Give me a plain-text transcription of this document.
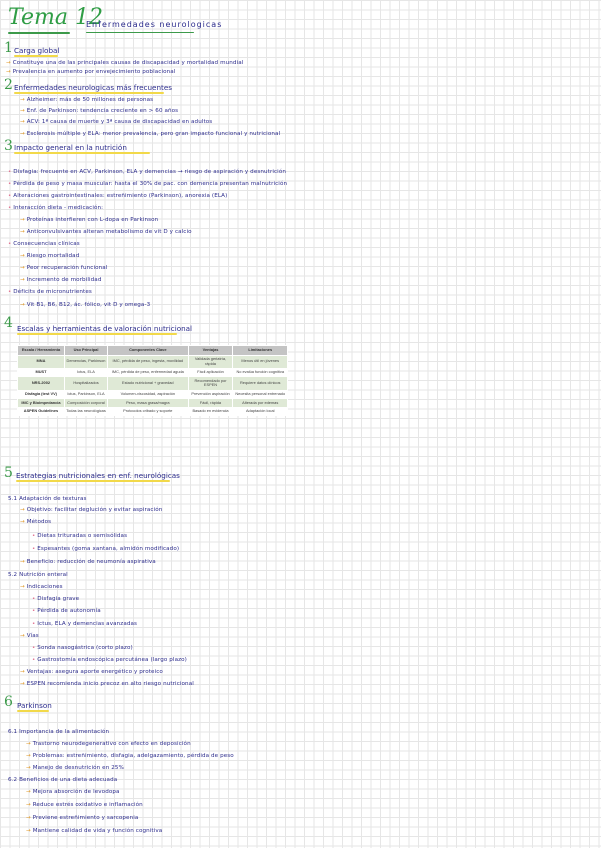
Tema 12
Enfermedades neurologicas
1 Carga global
→ Constituye una de las principales causas de discapacidad y mortalidad mundial
→ Prevalencia en aumento por envejecimiento poblacional
2 Enfermedades neurologicas más frecuentes
→ Alzheimer: más de 50 millones de personas
→ Enf. de Parkinson: tendencia creciente en > 60 años
→ ACV: 1ª causa de muerte y 3ª causa de discapacidad en adultos
→ Esclerosis múltiple y ELA: menor prevalencia, pero gran impacto funcional y nutricional
3 Impacto general en la nutrición
• Disfagia: frecuente en ACV, Parkinson, ELA y demencias → riesgo de aspiración y desnutrición
• Pérdida de peso y masa muscular: hasta el 30% de pac. con demencia presentan malnutrición
• Alteraciones gastrointestinales: estreñimiento (Parkinson), anorexia (ELA)
• Interacción dieta - medicación:
→ Proteínas interfieren con L-dopa en Parkinson
→ Anticonvulsivantes alteran metabolismo de vit D y calcio
• Consecuencias clínicas
→ Riesgo mortalidad
→ Peor recuperación funcional
→ Incremento de morbilidad
• Déficits de micronutrientes
→ Vit B1, B6, B12, ác. fólico, vit D y omega-3
4 Escalas y herramientas de valoración nutricional
Escala / Herramienta	Uso Principal	Componentes Clave	Ventajas	Limitaciones
MNA	Demencias, Parkinson	IMC, pérdida de peso, ingesta, movilidad	Validada geriatría, rápida	Menos útil en jóvenes
MUST	Ictus, ELA	IMC, pérdida de peso, enfermedad aguda	Fácil aplicación	No evalúa función cognitiva
NRS-2002	Hospitalizados	Estado nutricional + gravedad	Recomendado por ESPEN	Requiere datos clínicos
Disfagia (test VV)	Ictus, Parkinson, ELA	Volumen-viscosidad, aspiración	Prevención aspiración	Necesita personal entrenado
IMC y Bioimpedancia	Composición corporal	Peso, masa grasa/magra	Fácil, rápida	Alterada por edemas
ASPEN Guidelines	Todas las neurológicas	Protocolos cribado y soporte	Basado en evidencia	Adaptación local
5 Estrategias nutricionales en enf. neurológicas
5.1 Adaptación de texturas
→ Objetivo: facilitar deglución y evitar aspiración
→ Métodos
• Dietas trituradas o semisólidas
• Espesantes (goma xantana, almidón modificado)
→ Beneficio: reducción de neumonía aspirativa
5.2 Nutrición enteral
→ Indicaciones
• Disfagia grave
• Pérdida de autonomía
• Ictus, ELA y demencias avanzadas
→ Vías
• Sonda nasogástrica (corto plazo)
• Gastrostomía endoscópica percutánea (largo plazo)
→ Ventajas: asegura aporte energético y proteico
→ ESPEN recomienda inicio precoz en alto riesgo nutricional
6 Parkinson
6.1 Importancia de la alimentación
→ Trastorno neurodegenerativo con efecto en deposición
→ Problemas: estreñimiento, disfagia, adelgazamiento, pérdida de peso
→ Manejo de desnutrición en 25%
6.2 Beneficios de una dieta adecuada
→ Mejora absorción de levodopa
→ Reduce estrés oxidativo e inflamación
→ Previene estreñimiento y sarcopenia
→ Mantiene calidad de vida y función cognitiva
